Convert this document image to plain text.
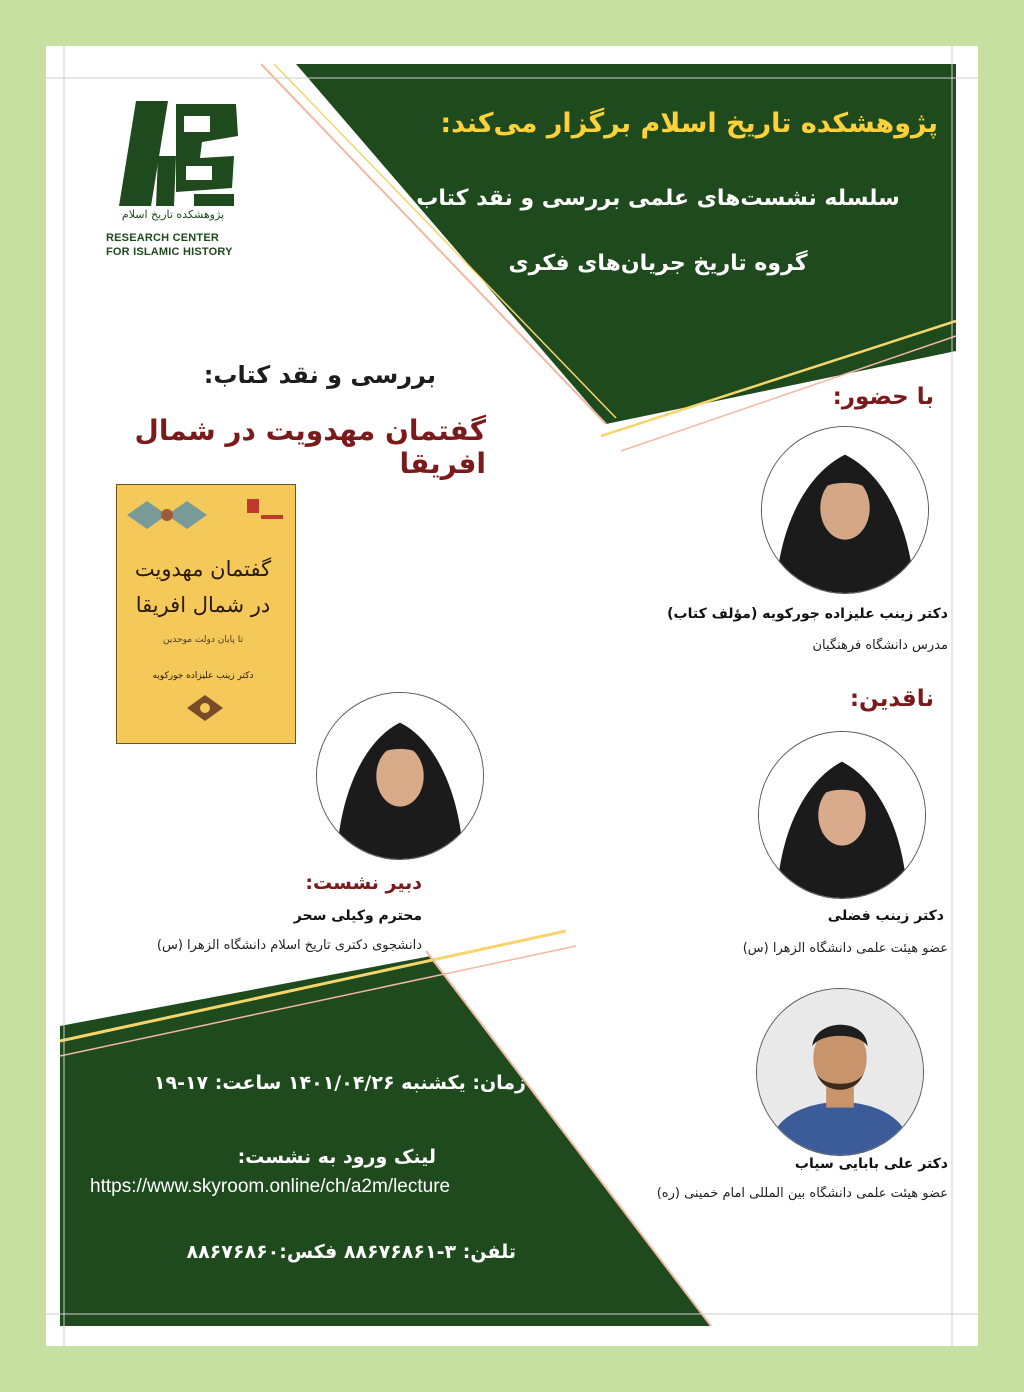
پژوهشکده تاریخ اسلام
RESEARCH CENTER
FOR ISLAMIC HISTORY
پژوهشکده تاریخ اسلام برگزار می‌کند:
سلسله نشست‌های علمی بررسی و نقد کتاب
گروه تاریخ جریان‌های فکری
بررسی و نقد کتاب:
گفتمان مهدویت در شمال افریقا
گفتمان مهدویت
در شمال افریقا
تا پایان دولت موحدین
دکتر زینب علیزاده جورکویه
با حضور:
دکتر زینب علیزاده جورکویه (مؤلف کتاب)
مدرس دانشگاه فرهنگیان
ناقدین:
دکتر زینب فضلی
عضو هیئت علمی دانشگاه الزهرا (س)
دکتر علی بابایی سیاب
عضو هیئت علمی دانشگاه بین المللی امام خمینی (ره)
دبیر نشست:
محترم وکیلی سحر
دانشجوی دکتری تاریخ اسلام دانشگاه الزهرا (س)
زمان: یکشنبه ۱۴۰۱/۰۴/۲۶ ساعت: ۱۷-۱۹
لینک ورود به نشست:
https://www.skyroom.online/ch/a2m/lecture
تلفن: ۳-۸۸۶۷۶۸۶۱ فکس:۸۸۶۷۶۸۶۰
